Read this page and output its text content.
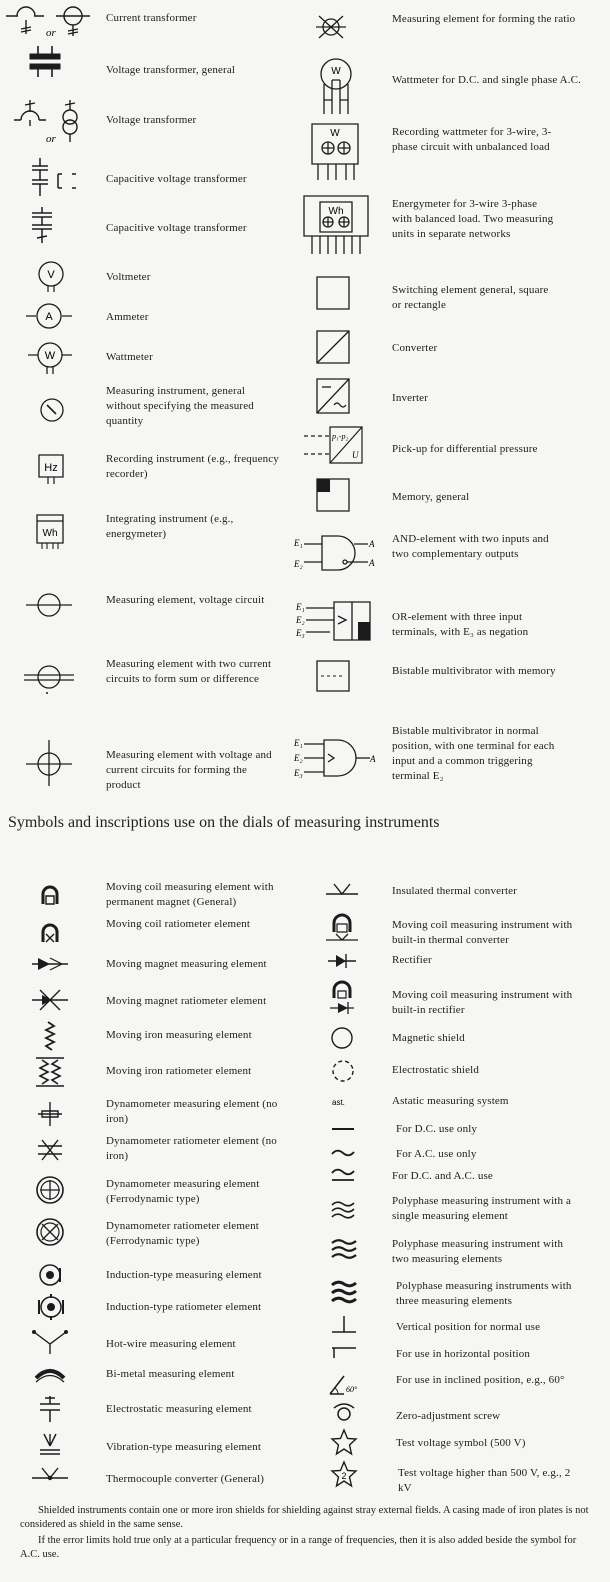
or
Current transformer
Voltage transformer, general
or
Voltage transformer
Capacitive voltage transformer
Capacitive voltage transformer
V	Voltmeter
A	Ammeter
W	Wattmeter
Measuring instrument, general without specifying the measured quantity
Hz
Recording instrument (e.g., frequency recorder)
Wh
Integrating instrument (e.g., energymeter)
Measuring element, voltage circuit
Measuring element with two current circuits to form sum or difference
Measuring element with voltage and current circuits for forming the product
Measuring element for forming the ratio
W
Wattmeter for D.C. and single phase A.C.
W	Recording wattmeter for 3-wire, 3-phase circuit with unbalanced load
Wh
Energymeter for 3-wire 3-phase with balanced load. Two measuring units in separate networks
Switching element general, square or rectangle
Converter
Inverter
p₁-p₂
U	Pick-up for differential pressure
Memory, general
E₁
E₂
A
A
AND-element with two inputs and two complementary outputs
E₁
E₂
E₃
OR-element with three input terminals, with E₃ as negation
Bistable multivibrator with memory
E₁
E₂
E₃
A
Bistable multivibrator in normal position, with one terminal for each input and a common triggering terminal E₂
Symbols and inscriptions use on the dials of measuring instruments
Moving coil measuring element with permanent magnet (General)
Moving coil ratiometer element
Moving magnet measuring element
Moving magnet ratiometer element
Moving iron measuring element
Moving iron ratiometer element
Dynamometer measuring element (no iron)
Dynamometer ratiometer element (no iron)
Dynamometer measuring element (Ferrodynamic type)
Dynamometer ratiometer element (Ferrodynamic type)
Induction-type measuring element
Induction-type ratiometer element
Hot-wire measuring element
Bi-metal measuring element
Electrostatic measuring element
Vibration-type measuring element
Thermocouple converter (General)
Insulated thermal converter
Moving coil measuring instrument with built-in thermal converter
Rectifier
Moving coil measuring instrument with built-in rectifier
Magnetic shield
Electrostatic shield
ast.	Astatic measuring system
For D.C. use only
For A.C. use only
For D.C. and A.C. use
Polyphase measuring instrument with a single measuring element
Polyphase measuring instrument with two measuring elements
Polyphase measuring instruments with three measuring elements
Vertical position for normal use
For use in horizontal position
60°
For use in inclined position, e.g., 60°
Zero-adjustment screw
Test voltage symbol (500 V)
2	Test voltage higher than 500 V, e.g., 2 kV
Shielded instruments contain one or more iron shields for shielding against stray external fields. A casing made of iron plates is not considered as shield in the same sense.
If the error limits hold true only at a particular frequency or in a range of frequencies, then it is also added beside the symbol for A.C. use.
